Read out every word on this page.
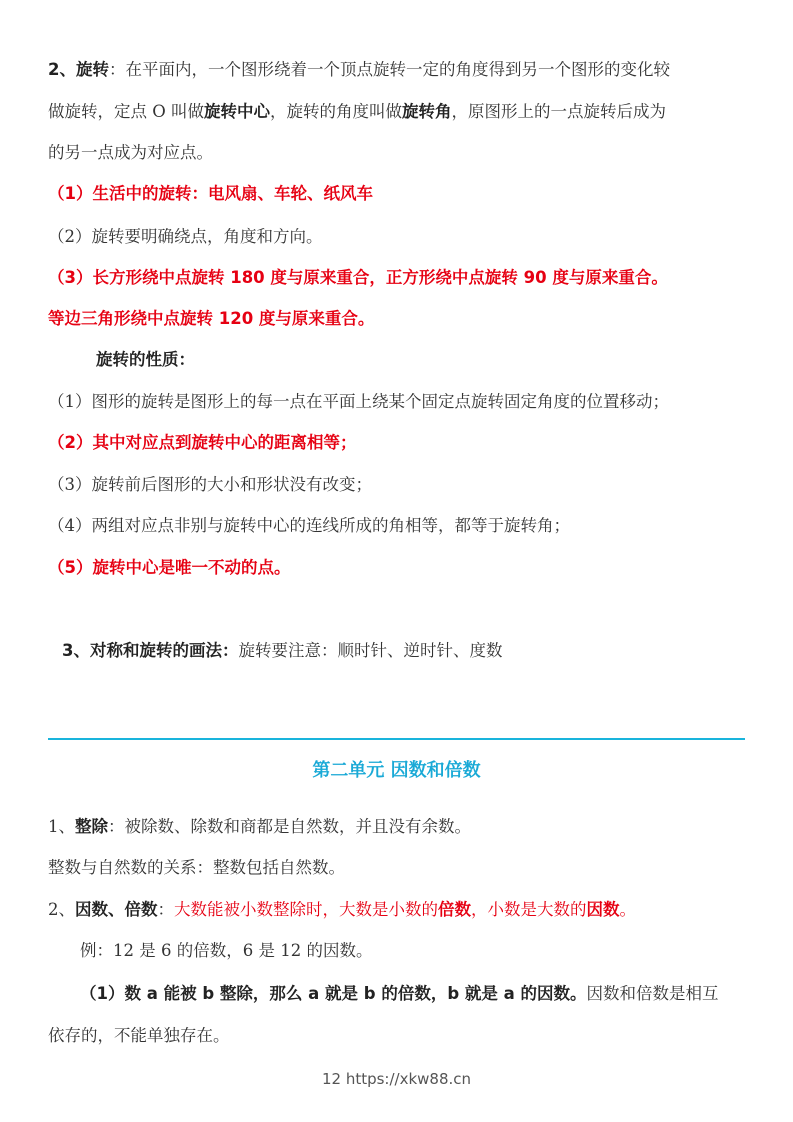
2、旋转：在平面内，一个图形绕着一个顶点旋转一定的角度得到另一个图形的变化较
做旋转，定点 O 叫做旋转中心，旋转的角度叫做旋转角，原图形上的一点旋转后成为
的另一点成为对应点。
（1）生活中的旋转：电风扇、车轮、纸风车
（2）旋转要明确绕点，角度和方向。
（3）长方形绕中点旋转 180 度与原来重合，正方形绕中点旋转 90 度与原来重合。
等边三角形绕中点旋转 120 度与原来重合。
旋转的性质：
（1）图形的旋转是图形上的每一点在平面上绕某个固定点旋转固定角度的位置移动；
（2）其中对应点到旋转中心的距离相等；
（3）旋转前后图形的大小和形状没有改变；
（4）两组对应点非别与旋转中心的连线所成的角相等，都等于旋转角；
（5）旋转中心是唯一不动的点。
3、对称和旋转的画法：旋转要注意：顺时针、逆时针、度数
第二单元 因数和倍数
1、整除：被除数、除数和商都是自然数，并且没有余数。
整数与自然数的关系：整数包括自然数。
2、因数、倍数：大数能被小数整除时，大数是小数的倍数，小数是大数的因数。
例：12 是 6 的倍数，6 是 12 的因数。
（1）数 a 能被 b 整除，那么 a 就是 b 的倍数，b 就是 a 的因数。因数和倍数是相互
依存的，不能单独存在。
12 https://xkw88.cn
